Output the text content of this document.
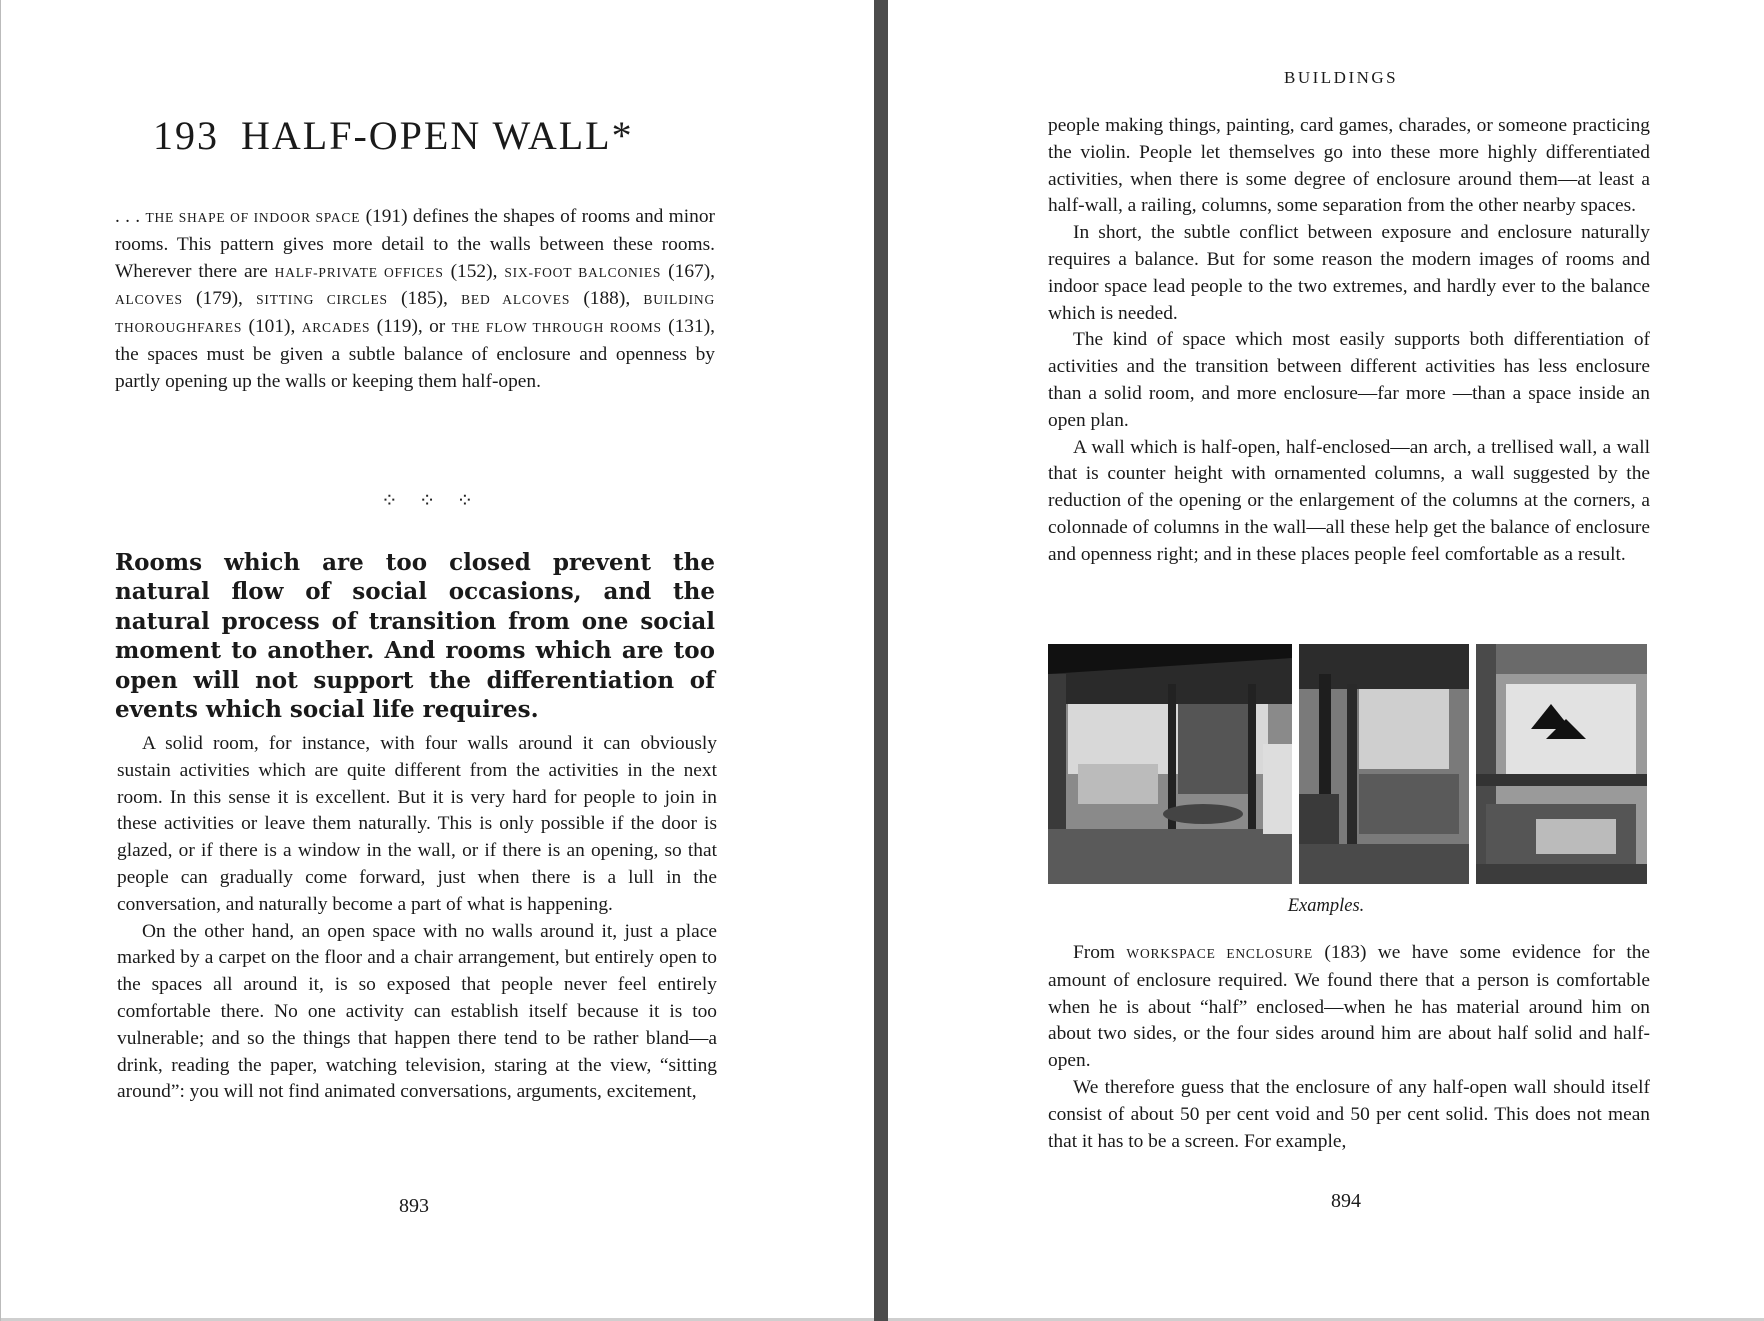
193 HALF-OPEN WALL*

. . . THE SHAPE OF INDOOR SPACE (191) defines the shapes of rooms and minor rooms. This pattern gives more detail to the walls between these rooms. Wherever there are HALF-PRIVATE OFFICES (152), SIX-FOOT BALCONIES (167), ALCOVES (179), SITTING CIRCLES (185), BED ALCOVES (188), BUILDING THOROUGHFARES (101), ARCADES (119), or THE FLOW THROUGH ROOMS (131), the spaces must be given a subtle balance of enclosure and openness by partly opening up the walls or keeping them half-open.

⁘ ⁘ ⁘

Rooms which are too closed prevent the natural flow of social occasions, and the natural process of transition from one social moment to another. And rooms which are too open will not support the differentiation of events which social life requires.

A solid room, for instance, with four walls around it can obviously sustain activities which are quite different from the activities in the next room. In this sense it is excellent. But it is very hard for people to join in these activities or leave them naturally. This is only possible if the door is glazed, or if there is a window in the wall, or if there is an opening, so that people can gradually come forward, just when there is a lull in the conversation, and naturally become a part of what is happening.

On the other hand, an open space with no walls around it, just a place marked by a carpet on the floor and a chair arrangement, but entirely open to the spaces all around it, is so exposed that people never feel entirely comfortable there. No one activity can establish itself because it is too vulnerable; and so the things that happen there tend to be rather bland—a drink, reading the paper, watching television, staring at the view, “sitting around”: you will not find animated conversations, arguments, excitement,

893
BUILDINGS

people making things, painting, card games, charades, or someone practicing the violin. People let themselves go into these more highly differentiated activities, when there is some degree of enclosure around them—at least a half-wall, a railing, columns, some separation from the other nearby spaces.

In short, the subtle conflict between exposure and enclosure naturally requires a balance. But for some reason the modern images of rooms and indoor space lead people to the two extremes, and hardly ever to the balance which is needed.

The kind of space which most easily supports both differentiation of activities and the transition between different activities has less enclosure than a solid room, and more enclosure—far more —than a space inside an open plan.

A wall which is half-open, half-enclosed—an arch, a trellised wall, a wall that is counter height with ornamented columns, a wall suggested by the reduction of the opening or the enlargement of the columns at the corners, a colonnade of columns in the wall—all these help get the balance of enclosure and openness right; and in these places people feel comfortable as a result.

Examples.

From WORKSPACE ENCLOSURE (183) we have some evidence for the amount of enclosure required. We found there that a person is comfortable when he is about “half” enclosed—when he has material around him on about two sides, or the four sides around him are about half solid and half-open.

We therefore guess that the enclosure of any half-open wall should itself consist of about 50 per cent void and 50 per cent solid. This does not mean that it has to be a screen. For example,

894
